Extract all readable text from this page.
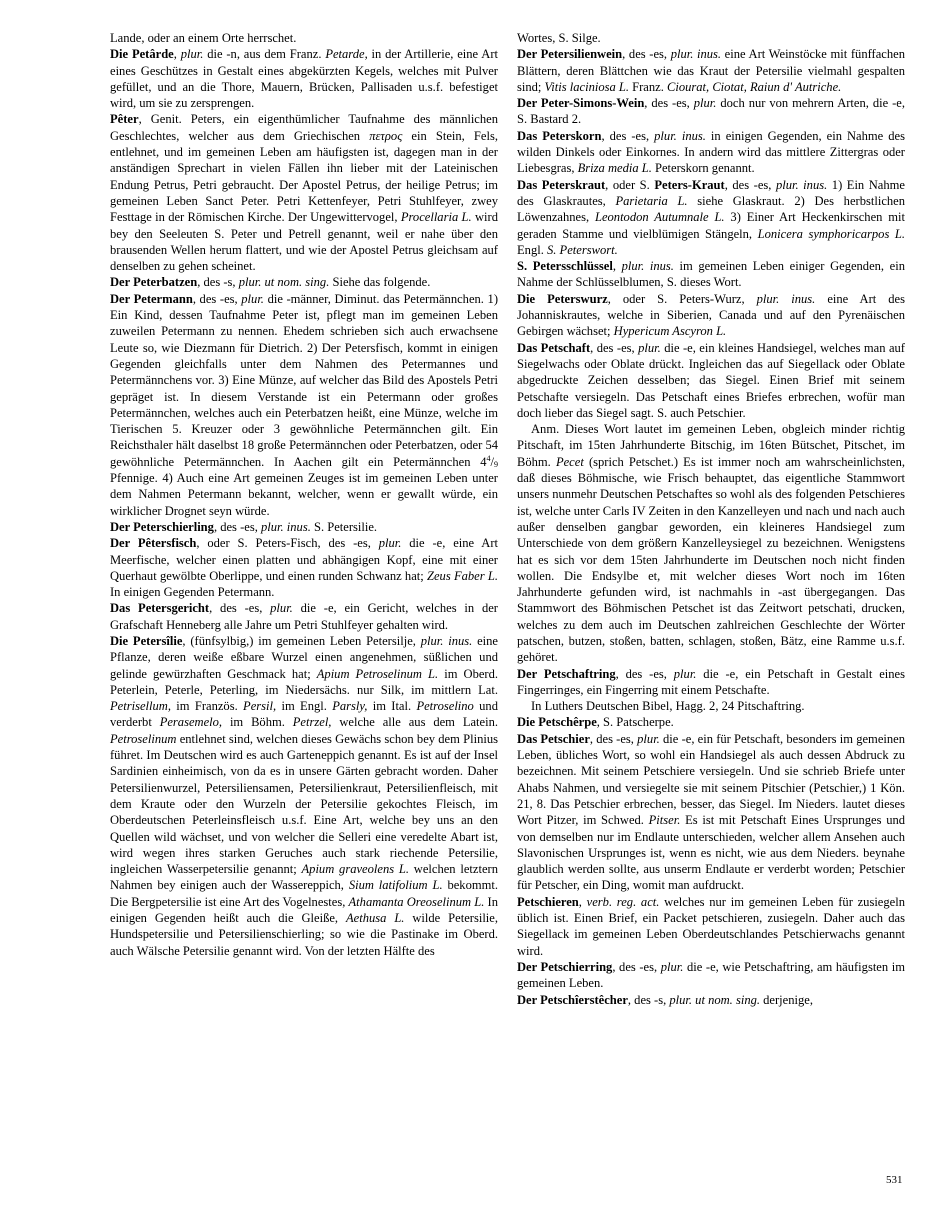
Lande, oder an einem Orte herrschet.

Die Petârde, plur. die -n, aus dem Franz. Petarde, in der Artillerie, eine Art eines Geschützes in Gestalt eines abgekürzten Kegels, welches mit Pulver gefüllet, und an die Thore, Mauern, Brücken, Pallisaden u.s.f. befestiget wird, um sie zu zersprengen.

Pêter, Genit. Peters, ein eigenthümlicher Taufnahme des männlichen Geschlechtes, welcher aus dem Griechischen πετρος ein Stein, Fels, entlehnet, und im gemeinen Leben am häufigsten ist, dagegen man in der anständigen Sprechart in vielen Fällen ihn lieber mit der Lateinischen Endung Petrus, Petri gebraucht. Der Apostel Petrus, der heilige Petrus; im gemeinen Leben Sanct Peter. Petri Kettenfeyer, Petri Stuhlfeyer, zwey Festtage in der Römischen Kirche. Der Ungewittervogel, Procellaria L. wird bey den Seeleuten S. Peter und Petrell genannt, weil er nahe über den brausenden Wellen herum flattert, und wie der Apostel Petrus gleichsam auf denselben zu gehen scheinet.

Der Peterbatzen, des -s, plur. ut nom. sing. Siehe das folgende.

Der Petermann, des -es, plur. die -männer, Diminut. das Petermännchen. 1) Ein Kind, dessen Taufnahme Peter ist, pflegt man im gemeinen Leben zuweilen Petermann zu nennen. Ehedem schrieben sich auch erwachsene Leute so, wie Diezmann für Dietrich. 2) Der Petersfisch, kommt in einigen Gegenden gleichfalls unter dem Nahmen des Petermannes und Petermännchens vor. 3) Eine Münze, auf welcher das Bild des Apostels Petri gepräget ist. In diesem Verstande ist ein Petermann oder großes Petermännchen, welches auch ein Peterbatzen heißt, eine Münze, welche im Tierischen 5. Kreuzer oder 3 gewöhnliche Petermännchen gilt. Ein Reichsthaler hält daselbst 18 große Petermännchen oder Peterbatzen, oder 54 gewöhnliche Petermännchen. In Aachen gilt ein Petermännchen $4^4/^9$ Pfennige. 4) Auch eine Art gemeinen Zeuges ist im gemeinen Leben unter dem Nahmen Petermann bekannt, welcher, wenn er gewallt würde, ein wirklicher Drognet seyn würde.

Der Peterschierling, des -es, plur. inus. S. Petersilie.

Der Pêtersfisch, oder S. Peters-Fisch, des -es, plur. die -e, eine Art Meerfische, welcher einen platten und abhängigen Kopf, eine mit einer Querhaut gewölbte Oberlippe, und einen runden Schwanz hat; Zeus Faber L. In einigen Gegenden Petermann.

Das Petersgericht, des -es, plur. die -e, ein Gericht, welches in der Grafschaft Henneberg alle Jahre um Petri Stuhlfeyer gehalten wird.

Die Petersîlie, (fünfsylbig,) im gemeinen Leben Petersilje, plur. inus. eine Pflanze, deren weiße eßbare Wurzel einen angenehmen, süßlichen und gelinde gewürzhaften Geschmack hat; Apium Petroselinum L. im Oberd. Peterlein, Peterle, Peterling, im Niedersächs. nur Silk, im mittlern Lat. Petrisellum, im Französ. Persil, im Engl. Parsly, im Ital. Petroselino und verderbt Perasemelo, im Böhm. Petrzel, welche alle aus dem Latein. Petroselinum entlehnet sind, welchen dieses Gewächs schon bey dem Plinius führet. Im Deutschen wird es auch Garteneppich genannt. Es ist auf der Insel Sardinien einheimisch, von da es in unsere Gärten gebracht worden. Daher Petersilienwurzel, Petersiliensamen, Petersilienkraut, Petersilienfleisch, mit dem Kraute oder den Wurzeln der Petersilie gekochtes Fleisch, im Oberdeutschen Peterleinsfleisch u.s.f. Eine Art, welche bey uns an den Quellen wild wächset, und von welcher die Selleri eine veredelte Abart ist, wird wegen ihres starken Geruches auch stark riechende Petersilie, ingleichen Wasserpetersilie genannt; Apium graveolens L. welchen letztern Nahmen bey einigen auch der Wassereppich, Sium latifolium L. bekommt. Die Bergpetersilie ist eine Art des Vogelnestes, Athamanta Oreoselinum L. In einigen Gegenden heißt auch die Gleiße, Aethusa L. wilde Petersilie, Hundspetersilie und Petersilienschierling; so wie die Pastinake im Oberd. auch Wälsche Petersilie genannt wird. Von der letzten Hälfte des

Wortes, S. Silge.

Der Petersilienwein, des -es, plur. inus. eine Art Weinstöcke mit fünffachen Blättern, deren Blättchen wie das Kraut der Petersilie vielmahl gespalten sind; Vitis laciniosa L. Franz. Ciourat, Ciotat, Raiun d' Autriche.

Der Peter-Simons-Wein, des -es, plur. doch nur von mehrern Arten, die -e, S. Bastard 2.

Das Peterskorn, des -es, plur. inus. in einigen Gegenden, ein Nahme des wilden Dinkels oder Einkornes. In andern wird das mittlere Zittergras oder Liebesgras, Briza media L. Peterskorn genannt.

Das Peterskraut, oder S. Peters-Kraut, des -es, plur. inus. 1) Ein Nahme des Glaskrautes, Parietaria L. siehe Glaskraut. 2) Des herbstlichen Löwenzahnes, Leontodon Autumnale L. 3) Einer Art Heckenkirschen mit geraden Stamme und vielblümigen Stängeln, Lonicera symphoricarpos L. Engl. S. Peterswort.

S. Petersschlüssel, plur. inus. im gemeinen Leben einiger Gegenden, ein Nahme der Schlüsselblumen, S. dieses Wort.

Die Peterswurz, oder S. Peters-Wurz, plur. inus. eine Art des Johanniskrautes, welche in Siberien, Canada und auf den Pyrenäischen Gebirgen wächset; Hypericum Ascyron L.

Das Petschaft, des -es, plur. die -e, ein kleines Handsiegel, welches man auf Siegelwachs oder Oblate drückt. Ingleichen das auf Siegellack oder Oblate abgedruckte Zeichen desselben; das Siegel. Einen Brief mit seinem Petschafte versiegeln. Das Petschaft eines Briefes erbrechen, wofür man doch lieber das Siegel sagt. S. auch Petschier.

Anm. Dieses Wort lautet im gemeinen Leben, obgleich minder richtig Pitschaft, im 15ten Jahrhunderte Bitschig, im 16ten Bütschet, Pitschet, im Böhm. Pecet (sprich Petschet.) Es ist immer noch am wahrscheinlichsten, daß dieses Böhmische, wie Frisch behauptet, das eigentliche Stammwort unsers nunmehr Deutschen Petschaftes so wohl als des folgenden Petschieres ist, welche unter Carls IV Zeiten in den Kanzelleyen und nach und nach auch außer denselben gangbar geworden, ein kleineres Handsiegel zum Unterschiede von dem größern Kanzelleysiegel zu bezeichnen. Wenigstens hat es sich vor dem 15ten Jahrhunderte im Deutschen noch nicht finden wollen. Die Endsylbe et, mit welcher dieses Wort noch im 16ten Jahrhunderte gefunden wird, ist nachmahls in -ast übergegangen. Das Stammwort des Böhmischen Petschet ist das Zeitwort petschati, drucken, welches zu dem auch im Deutschen zahlreichen Geschlechte der Wörter patschen, butzen, stoßen, batten, schlagen, stoßen, Bätz, eine Ramme u.s.f. gehöret.

Der Petschaftring, des -es, plur. die -e, ein Petschaft in Gestalt eines Fingerringes, ein Fingerring mit einem Petschafte.

In Luthers Deutschen Bibel, Hagg. 2, 24 Pitschaftring.

Die Petschêrpe, S. Patscherpe.

Das Petschier, des -es, plur. die -e, ein für Petschaft, besonders im gemeinen Leben, übliches Wort, so wohl ein Handsiegel als auch dessen Abdruck zu bezeichnen. Mit seinem Petschiere versiegeln. Und sie schrieb Briefe unter Ahabs Nahmen, und versiegelte sie mit seinem Pitschier (Petschier,) 1 Kön. 21, 8. Das Petschier erbrechen, besser, das Siegel. Im Nieders. lautet dieses Wort Pitzer, im Schwed. Pitser. Es ist mit Petschaft Eines Ursprunges und von demselben nur im Endlaute unterschieden, welcher allem Ansehen auch Slavonischen Ursprunges ist, wenn es nicht, wie aus dem Nieders. beynahe glaublich werden sollte, aus unserm Endlaute er verderbt worden; Petschier für Petscher, ein Ding, womit man aufdruckt.

Petschieren, verb. reg. act. welches nur im gemeinen Leben für zusiegeln üblich ist. Einen Brief, ein Packet petschieren, zusiegeln. Daher auch das Siegellack im gemeinen Leben Oberdeutschlandes Petschierwachs genannt wird.

Der Petschierring, des -es, plur. die -e, wie Petschaftring, am häufigsten im gemeinen Leben.

Der Petschîerstêcher, des -s, plur. ut nom. sing. derjenige,

531
